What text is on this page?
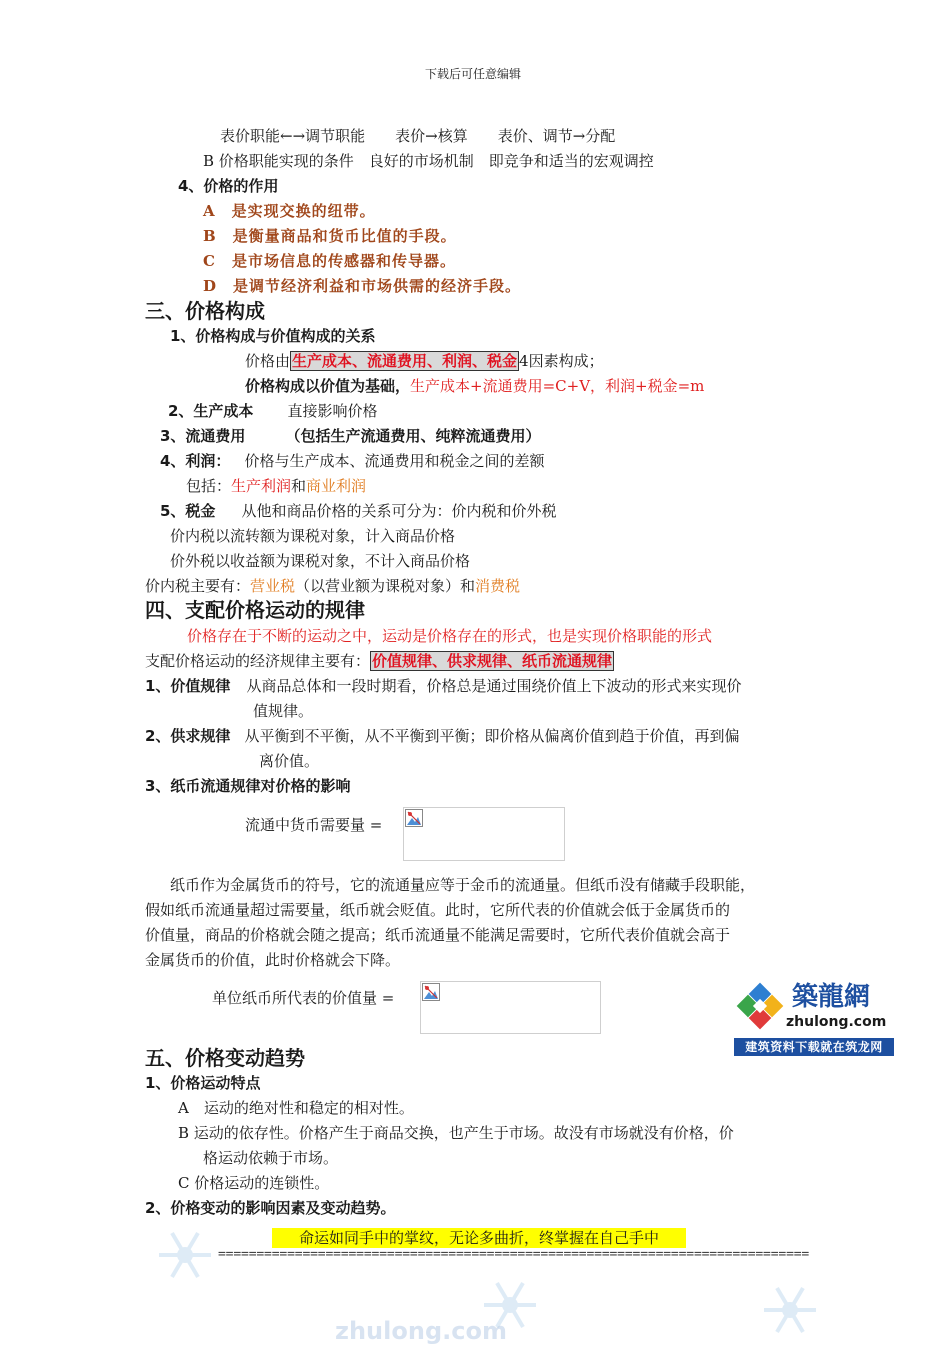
下载后可任意编辑
表价职能←→调节职能　　表价→核算　　表价、调节→分配
B 价格职能实现的条件　良好的市场机制　即竞争和适当的宏观调控
4、价格的作用
A　是实现交换的纽带。
B　是衡量商品和货币比值的手段。
C　是市场信息的传感器和传导器。
D　是调节经济利益和市场供需的经济手段。
三、价格构成
1、价格构成与价值构成的关系
价格由 生产成本、流通费用、利润、税金 4因素构成；
价格构成以价值为基础，生产成本+流通费用=C+V，利润+税金=m
2、生产成本 直接影响价格
3、流通费用	（包括生产流通费用、纯粹流通费用）
4、利润： 价格与生产成本、流通费用和税金之间的差额
包括：生产利润和商业利润
5、税金 从他和商品价格的关系可分为：价内税和价外税
价内税以流转额为课税对象，计入商品价格
价外税以收益额为课税对象，不计入商品价格
价内税主要有：营业税（以营业额为课税对象）和消费税
四、支配价格运动的规律
价格存在于不断的运动之中，运动是价格存在的形式，也是实现价格职能的形式
支配价格运动的经济规律主要有： 价值规律、供求规律、纸币流通规律
1、价值规律 从商品总体和一段时期看，价格总是通过围绕价值上下波动的形式来实现价
值规律。
2、供求规律 从平衡到不平衡，从不平衡到平衡；即价格从偏离价值到趋于价值，再到偏
离价值。
3、纸币流通规律对价格的影响
流通中货币需要量 =
纸币作为金属货币的符号，它的流通量应等于金币的流通量。但纸币没有储藏手段职能，
假如纸币流通量超过需要量，纸币就会贬值。此时，它所代表的价值就会低于金属货币的
价值量，商品的价格就会随之提高；纸币流通量不能满足需要时，它所代表价值就会高于
金属货币的价值，此时价格就会下降。
单位纸币所代表的价值量 =	築龍網
zhulong.com
建筑资料下载就在筑龙网
五、价格变动趋势
1、价格运动特点
A　运动的绝对性和稳定的相对性。
B 运动的依存性。价格产生于商品交换，也产生于市场。故没有市场就没有价格，价
格运动依赖于市场。
C 价格运动的连锁性。
2、价格变动的影响因素及变动趋势。
命运如同手中的掌纹，无论多曲折，终掌握在自己手中
=============================================================================
zhulong.com
